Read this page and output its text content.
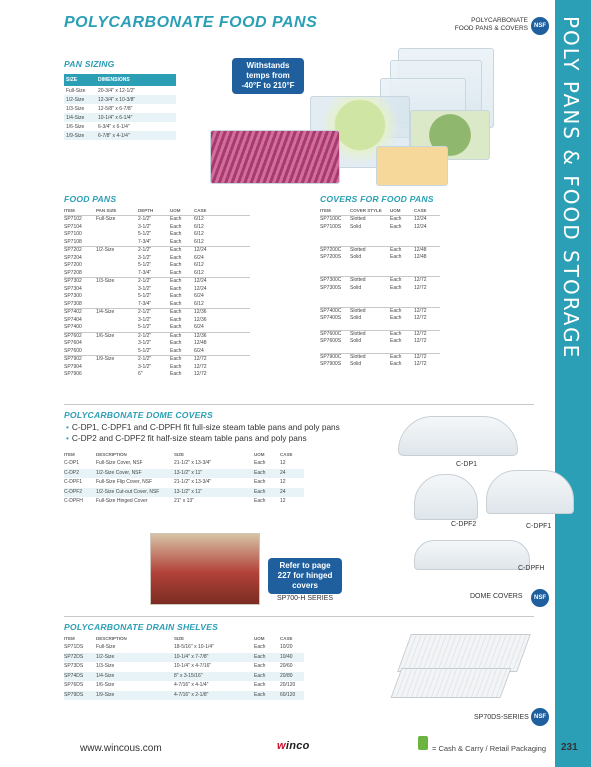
POLY PANS & FOOD STORAGE
POLYCARBONATE FOOD PANS	POLYCARBONATE
FOOD PANS & COVERS	NSF
PAN SIZING
SIZE	DIMENSIONS
Full-Size	20-3/4" x 12-1/2"
1/2-Size	12-3/4" x 10-3/8"
1/3-Size	12-5/8" x 6-7/8"
1/4-Size	10-1/4" x 6-1/4"
1/6-Size	6-3/4" x 6-1/4"
1/9-Size	6-7/8" x 4-1/4"
Withstands temps from -40°F to 210°F
FOOD PANS
ITEM	PAN SIZE	DEPTH	UOM	CASE
SP7102	Full-Size	2-1/2"	Each	6/12
SP7104		3-1/2"	Each	6/12
SP7100		5-1/2"	Each	6/12
SP7108		7-3/4"	Each	6/12
SP7202	1/2-Size	2-1/2"	Each	12/24
SP7204		3-1/2"	Each	6/24
SP7200		5-1/2"	Each	6/12
SP7208		7-3/4"	Each	6/12
SP7302	1/3-Size	2-1/2"	Each	12/24
SP7304		3-1/2"	Each	12/24
SP7300		5-1/2"	Each	6/24
SP7308		7-3/4"	Each	6/12
SP7402	1/4-Size	2-1/2"	Each	12/36
SP7404		3-1/2"	Each	12/36
SP7400		5-1/2"	Each	6/24
SP7602	1/6-Size	2-1/2"	Each	12/36
SP7604		3-1/2"	Each	12/48
SP7600		5-1/2"	Each	6/24
SP7902	1/9-Size	2-1/2"	Each	12/72
SP7904		3-1/2"	Each	12/72
SP7906		6"	Each	12/72
COVERS FOR FOOD PANS
ITEM	COVER STYLE	UOM	CASE
SP7100C	Slotted	Each	12/24
SP7100S	Solid	Each	12/24

SP7200C	Slotted	Each	12/48
SP7200S	Solid	Each	12/48

SP7300C	Slotted	Each	12/72
SP7300S	Solid	Each	12/72

SP7400C	Slotted	Each	12/72
SP7400S	Solid	Each	12/72

SP7600C	Slotted	Each	12/72
SP7600S	Solid	Each	12/72

SP7900C	Slotted	Each	12/72
SP7900S	Solid	Each	12/72

POLYCARBONATE DOME COVERS
• C-DP1, C-DPF1 and C-DPFH fit full-size steam table pans and poly pans
• C-DP2 and C-DPF2 fit half-size steam table pans and poly pans
ITEM	DESCRIPTION	SIZE	UOM	CASE
C-DP1	Full-Size Cover, NSF	21-1/2" x 13-3/4"	Each	12
C-DP2	1/2-Size Cover, NSF	13-1/2" x 11"	Each	24
C-DPF1	Full-Size Flip Cover, NSF	21-1/2" x 13-3/4"	Each	12
C-DPF2	1/2-Size Cut-out Cover, NSF	13-1/2" x 11"	Each	24
C-DPFH	Full-Size Hinged Cover	21" x 13"	Each	12
C-DP1
C-DPF2	C-DPF1
C-DPFH
DOME COVERS	NSF
Refer to page 227 for hinged covers
SP700-H SERIES
POLYCARBONATE DRAIN SHELVES
ITEM	DESCRIPTION	SIZE	UOM	CASE
SP71DS	Full-Size	18-5/16" x 10-1/4"	Each	10/20
SP72DS	1/2-Size	10-1/4" x 7-7/8"	Each	10/40
SP73DS	1/3-Size	10-1/4" x 4-7/16"	Each	20/60
SP74DS	1/4-Size	8" x 3-15/16"	Each	20/80
SP76DS	1/6-Size	4-7/16" x 4-1/4"	Each	20/120
SP79DS	1/9-Size	4-7/16" x 2-1/8"	Each	60/120
SP70DS-SERIES NSF
www.wincous.com	winco	= Cash & Carry / Retail Packaging 231
